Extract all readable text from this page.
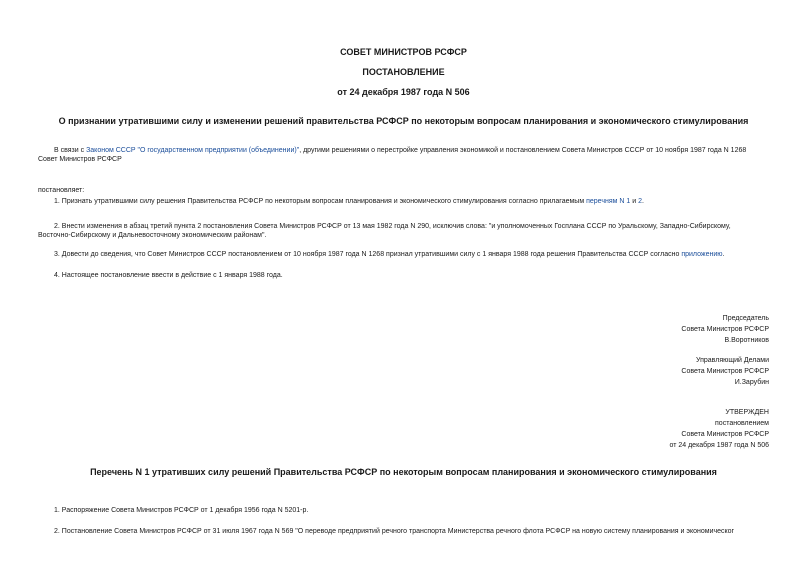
СОВЕТ МИНИСТРОВ РСФСР
ПОСТАНОВЛЕНИЕ
от 24 декабря 1987 года N 506
О признании утратившими силу и изменении решений правительства РСФСР по некоторым вопросам планирования и экономического стимулирования
В связи с Законом СССР "О государственном предприятии (объединении)", другими решениями о перестройке управления экономикой и постановлением Совета Министров СССР от 10 ноября 1987 года N 1268
Совет Министров РСФСР
постановляет:
1. Признать утратившими силу решения Правительства РСФСР по некоторым вопросам планирования и экономического стимулирования согласно прилагаемым перечням N 1 и 2.
2. Внести изменения в абзац третий пункта 2 постановления Совета Министров РСФСР от 13 мая 1982 года N 290, исключив слова: "и уполномоченных Госплана СССР по Уральскому, Западно-Сибирскому,
Восточно-Сибирскому и Дальневосточному экономическим районам".
3. Довести до сведения, что Совет Министров СССР постановлением от 10 ноября 1987 года N 1268 признал утратившими силу с 1 января 1988 года решения Правительства СССР согласно приложению.
4. Настоящее постановление ввести в действие с 1 января 1988 года.
Председатель
Совета Министров РСФСР
В.Воротников
Управляющий Делами
Совета Министров РСФСР
И.Зарубин
УТВЕРЖДЕН
постановлением
Совета Министров РСФСР
от 24 декабря 1987 года N 506
Перечень N 1 утративших силу решений Правительства РСФСР по некоторым вопросам планирования и экономического стимулирования
1. Распоряжение Совета Министров РСФСР от 1 декабря 1956 года N 5201-р.
2. Постановление Совета Министров РСФСР от 31 июля 1967 года N 569 "О переводе предприятий речного транспорта Министерства речного флота РСФСР на новую систему планирования и экономическог
